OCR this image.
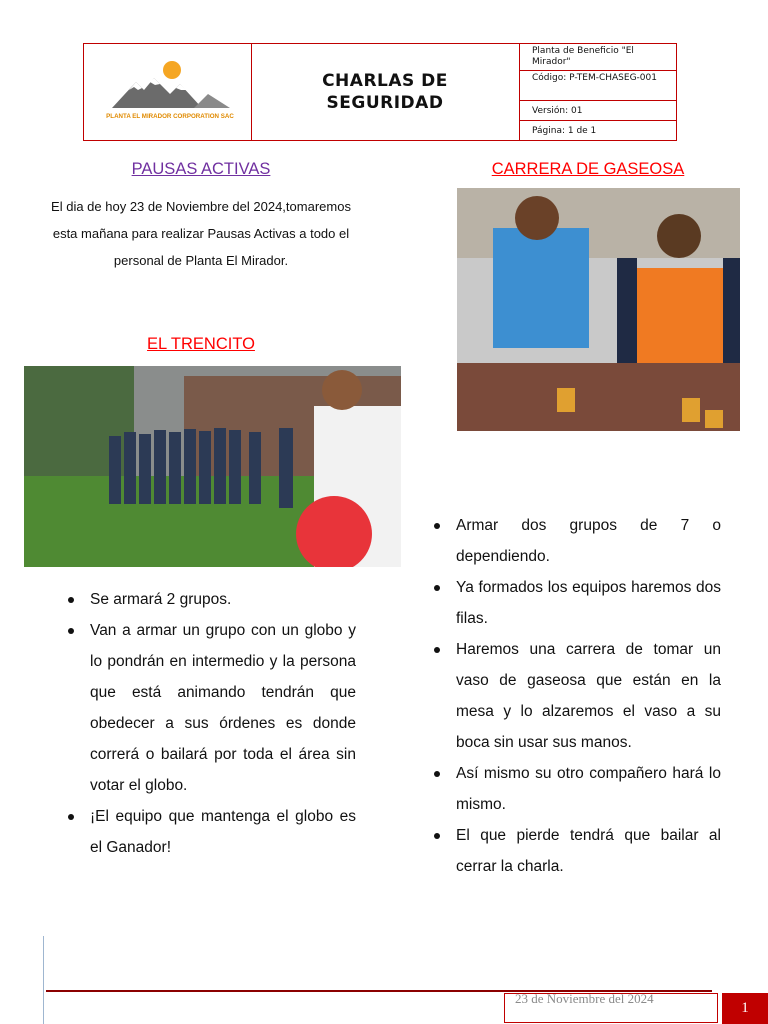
PLANTA EL MIRADOR CORPORATION SAC
CHARLAS DE SEGURIDAD
Planta de Beneficio "El Mirador"
Código: P-TEM-CHASEG-001
Versión: 01
Página: 1 de 1
PAUSAS ACTIVAS
El dia de hoy 23 de Noviembre del 2024,tomaremos esta mañana para realizar Pausas Activas a todo el personal de Planta El Mirador.
EL TRENCITO
Se armará 2 grupos.
Van a armar un grupo con un globo y lo pondrán en intermedio y la persona que está animando tendrán que obedecer a sus órdenes es donde correrá o bailará por toda el área sin votar el globo.
¡El equipo que mantenga el globo es el Ganador!
CARRERA DE GASEOSA
Armar dos grupos de 7 o dependiendo.
Ya formados los equipos haremos dos filas.
Haremos una carrera de tomar un vaso de gaseosa que están en la mesa y lo alzaremos el vaso a su boca sin usar sus manos.
Así mismo su otro compañero hará lo mismo.
El que pierde tendrá que bailar al cerrar la charla.
23 de Noviembre del 2024
1
